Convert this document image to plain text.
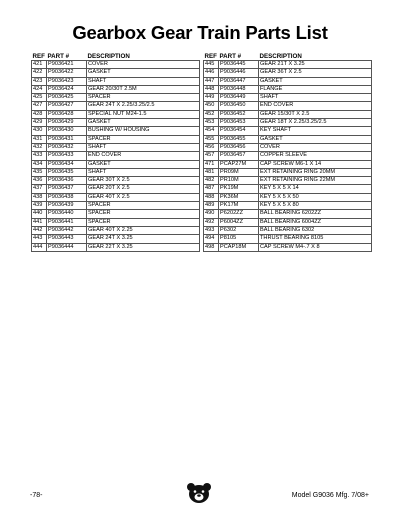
Gearbox Gear Train Parts List
REF	PART #	DESCRIPTION
421	P9036421	COVER
422	P9036422	GASKET
423	P9036423	SHAFT
424	P9036424	GEAR 20/30T 2.5M
425	P9036425	SPACER
427	P9036427	GEAR 24T X 2.25/3.25/2.5
428	P9036428	SPECIAL NUT M24-1.5
429	P9036429	GASKET
430	P9036430	BUSHING W/ HOUSING
431	P9036431	SPACER
432	P9036432	SHAFT
433	P9036433	END COVER
434	P9036434	GASKET
435	P9036435	SHAFT
436	P9036436	GEAR 30T X 2.5
437	P9036437	GEAR 20T X 2.5
438	P9036438	GEAR 40T X 2.5
439	P9036439	SPACER
440	P9036440	SPACER
441	P9036441	SPACER
442	P9036442	GEAR 40T X 2.25
443	P9036443	GEAR 24T X 3.25
444	P9036444	GEAR 22T X 3.25
REF	PART #	DESCRIPTION
445	P9036445	GEAR 21T X 3.25
446	P9036446	GEAR 36T X 2.5
447	P9036447	GASKET
448	P9036448	FLANGE
449	P9036449	SHAFT
450	P9036450	END COVER
452	P9036452	GEAR 15/30T X 2.5
453	P9036453	GEAR 18T X 2.25/3.25/2.5
454	P9036454	KEY SHAFT
455	P9036455	GASKET
456	P9036456	COVER
457	P9036457	COPPER SLEEVE
471	PCAP27M	CAP SCREW M6-1 X 14
481	PR09M	EXT RETAINING RING 20MM
482	PR10M	EXT RETAINING RING 22MM
487	PK19M	KEY 5 X 5 X 14
488	PK36M	KEY 5 X 5 X 50
489	PK17M	KEY 5 X 5 X 80
490	P6202ZZ	BALL BEARING 6202ZZ
492	P6004ZZ	BALL BEARING 6004ZZ
493	P6302	BALL BEARING 6302
494	P8105	THRUST BEARING 8105
498	PCAP18M	CAP SCREW M4-.7 X 8
-78-	Model G9036 Mfg. 7/08+
